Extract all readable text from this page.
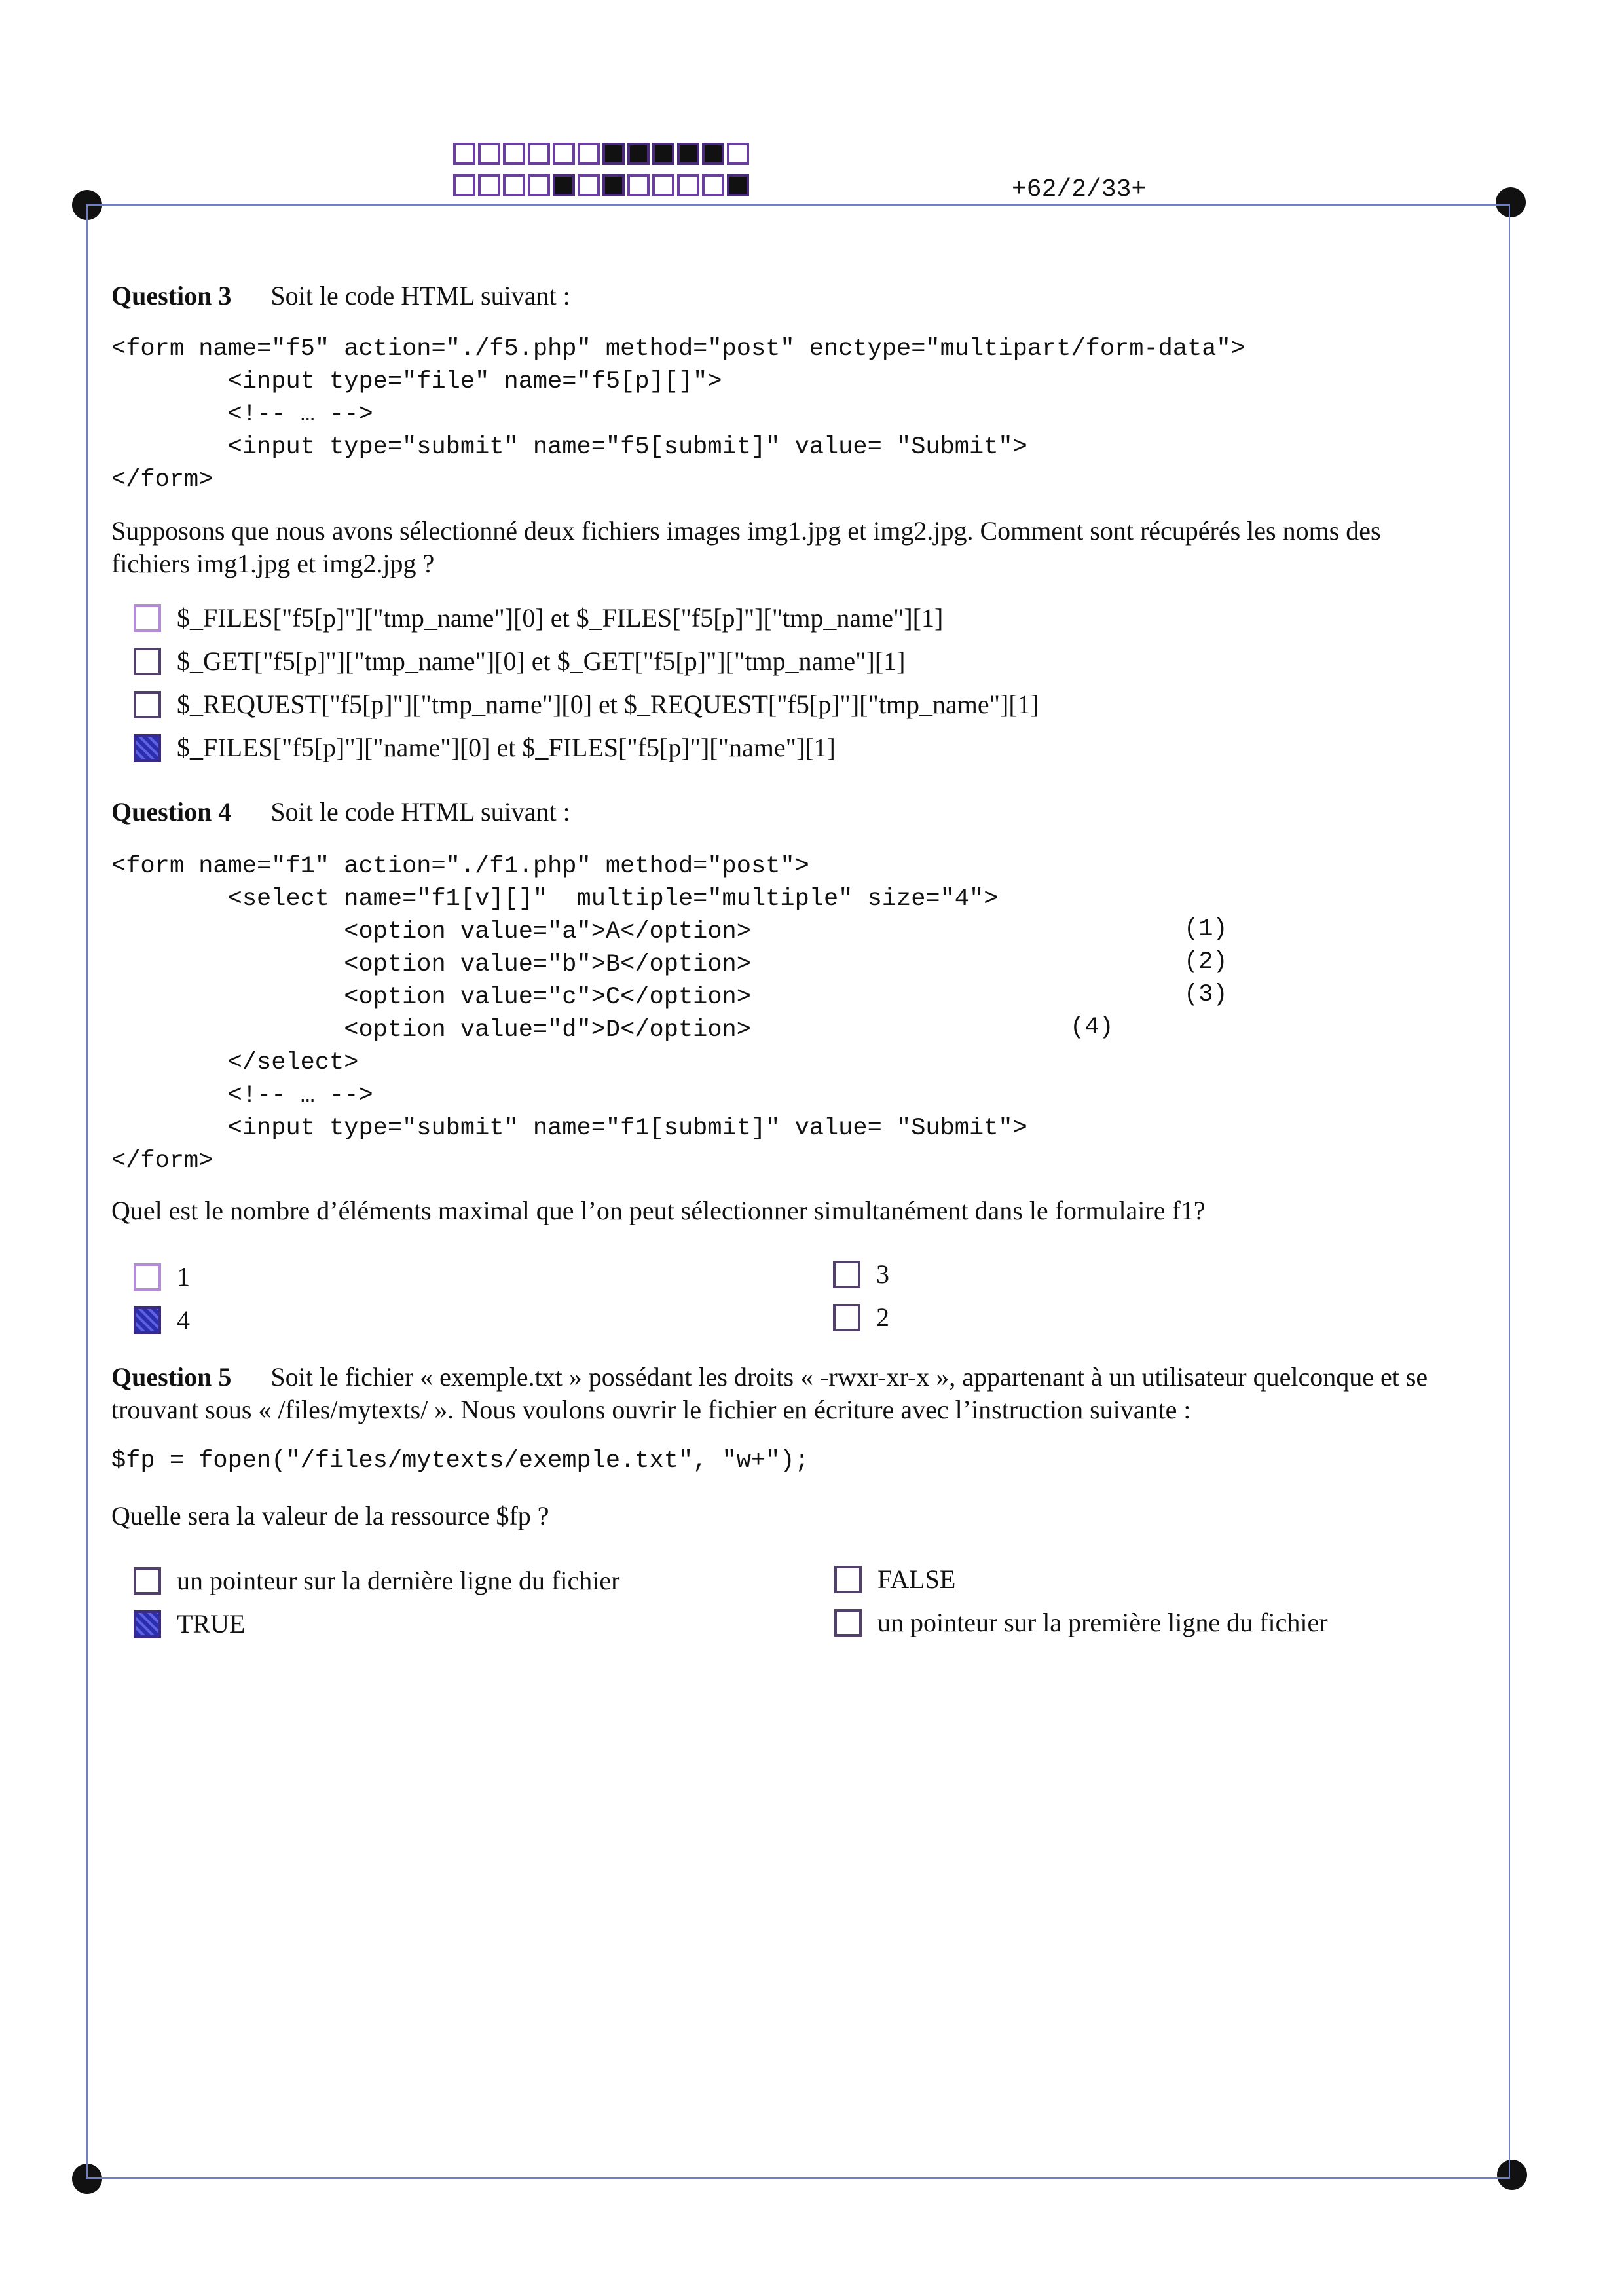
+62/2/33+
Question 3 Soit le code HTML suivant :
<form name="f5" action="./f5.php" method="post" enctype="multipart/form-data">
<input type="file" name="f5[p][]">
<!-- … -->
<input type="submit" name="f5[submit]" value= "Submit">
</form>
Supposons que nous avons sélectionné deux fichiers images img1.jpg et img2.jpg. Comment sont récupérés les noms des
fichiers img1.jpg et img2.jpg ?
$_FILES["f5[p]"]["tmp_name"][0] et $_FILES["f5[p]"]["tmp_name"][1]
$_GET["f5[p]"]["tmp_name"][0] et $_GET["f5[p]"]["tmp_name"][1]
$_REQUEST["f5[p]"]["tmp_name"][0] et $_REQUEST["f5[p]"]["tmp_name"][1]
$_FILES["f5[p]"]["name"][0] et $_FILES["f5[p]"]["name"][1]
Question 4 Soit le code HTML suivant :
<form name="f1" action="./f1.php" method="post">
<select name="f1[v][]"  multiple="multiple" size="4">
<option value="a">A</option>
<option value="b">B</option>
<option value="c">C</option>
<option value="d">D</option>
</select>
<!-- … -->
<input type="submit" name="f1[submit]" value= "Submit">
</form>
(1)
(2)
(3)
(4)
Quel est le nombre d’éléments maximal que l’on peut sélectionner simultanément dans le formulaire f1?
1	3
4	2
Question 5 Soit le fichier « exemple.txt » possédant les droits « -rwxr-xr-x », appartenant à un utilisateur quelconque et se
trouvant sous « /files/mytexts/ ». Nous voulons ouvrir le fichier en écriture avec l’instruction suivante :
$fp = fopen("/files/mytexts/exemple.txt", "w+");
Quelle sera la valeur de la ressource $fp ?
un pointeur sur la dernière ligne du fichier	FALSE
TRUE	un pointeur sur la première ligne du fichier
